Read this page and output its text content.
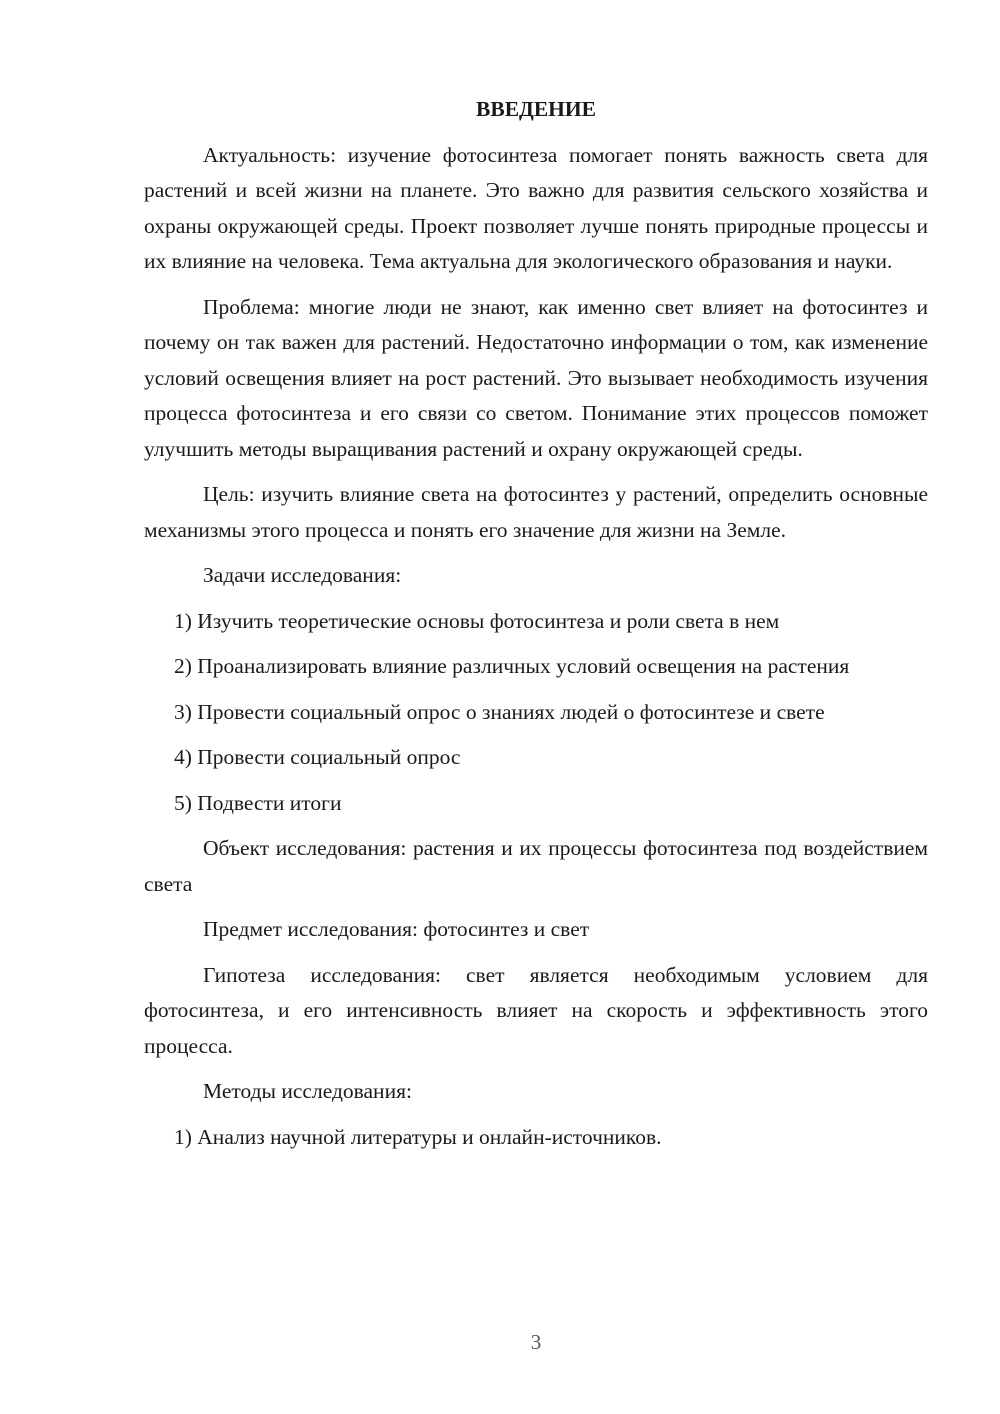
ВВЕДЕНИЕ

Актуальность: изучение фотосинтеза помогает понять важность света для растений и всей жизни на планете. Это важно для развития сельского хозяйства и охраны окружающей среды. Проект позволяет лучше понять природные процессы и их влияние на человека. Тема актуальна для экологического образования и науки.

Проблема: многие люди не знают, как именно свет влияет на фотосинтез и почему он так важен для растений. Недостаточно информации о том, как изменение условий освещения влияет на рост растений. Это вызывает необходимость изучения процесса фотосинтеза и его связи со светом. Понимание этих процессов поможет улучшить методы выращивания растений и охрану окружающей среды.

Цель: изучить влияние света на фотосинтез у растений, определить основные механизмы этого процесса и понять его значение для жизни на Земле.

Задачи исследования:

1) Изучить теоретические основы фотосинтеза и роли света в нем

2) Проанализировать влияние различных условий освещения на растения

3) Провести социальный опрос о знаниях людей о фотосинтезе и свете

4) Провести социальный опрос

5) Подвести итоги

Объект исследования: растения и их процессы фотосинтеза под воздействием света

Предмет исследования: фотосинтез и свет

Гипотеза исследования: свет является необходимым условием для фотосинтеза, и его интенсивность влияет на скорость и эффективность этого процесса.

Методы исследования:

1) Анализ научной литературы и онлайн-источников.

3
